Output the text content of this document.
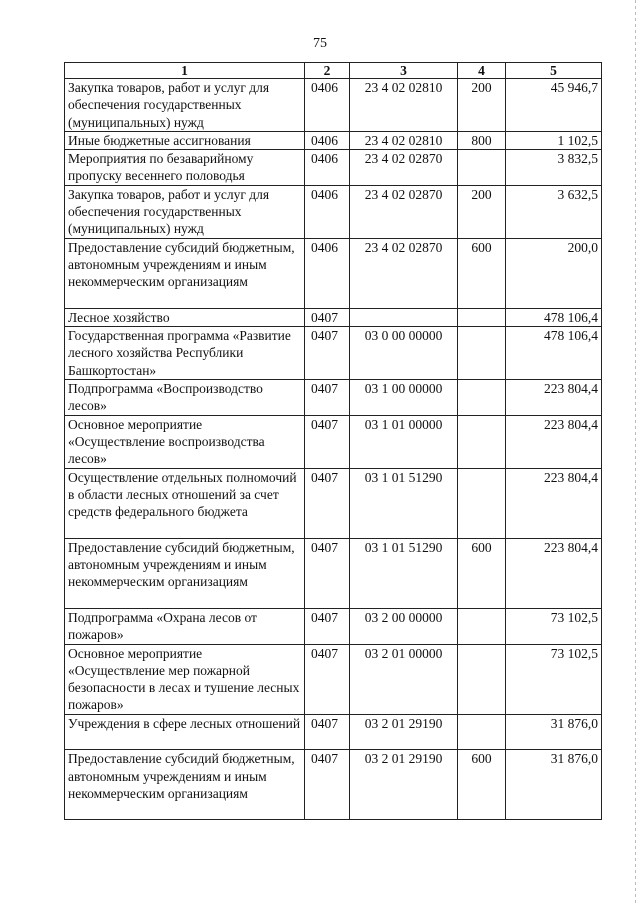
75
1	2	3	4	5
Закупка товаров, работ и услуг для обеспечения государственных (муниципальных) нужд	0406	23 4 02 02810	200	45 946,7
Иные бюджетные ассигнования	0406	23 4 02 02810	800	1 102,5
Мероприятия по безаварийному пропуску весеннего половодья	0406	23 4 02 02870		3 832,5
Закупка товаров, работ и услуг для обеспечения государственных (муниципальных) нужд	0406	23 4 02 02870	200	3 632,5
Предоставление субсидий бюджетным, автономным учреждениям и иным некоммерческим организациям	0406	23 4 02 02870	600	200,0
Лесное хозяйство	0407			478 106,4
Государственная программа «Развитие лесного хозяйства Республики Башкортостан»	0407	03 0 00 00000		478 106,4
Подпрограмма «Воспроизводство лесов»	0407	03 1 00 00000		223 804,4
Основное мероприятие «Осуществление воспроизводства лесов»	0407	03 1 01 00000		223 804,4
Осуществление отдельных полномочий в области лесных отношений за счет средств федерального бюджета	0407	03 1 01 51290		223 804,4
Предоставление субсидий бюджетным, автономным учреждениям и иным некоммерческим организациям	0407	03 1 01 51290	600	223 804,4
Подпрограмма «Охрана лесов от пожаров»	0407	03 2 00 00000		73 102,5
Основное мероприятие «Осуществление мер пожарной безопасности в лесах и тушение лесных пожаров»	0407	03 2 01 00000		73 102,5
Учреждения в сфере лесных отношений	0407	03 2 01 29190		31 876,0
Предоставление субсидий бюджетным, автономным учреждениям и иным некоммерческим организациям	0407	03 2 01 29190	600	31 876,0
